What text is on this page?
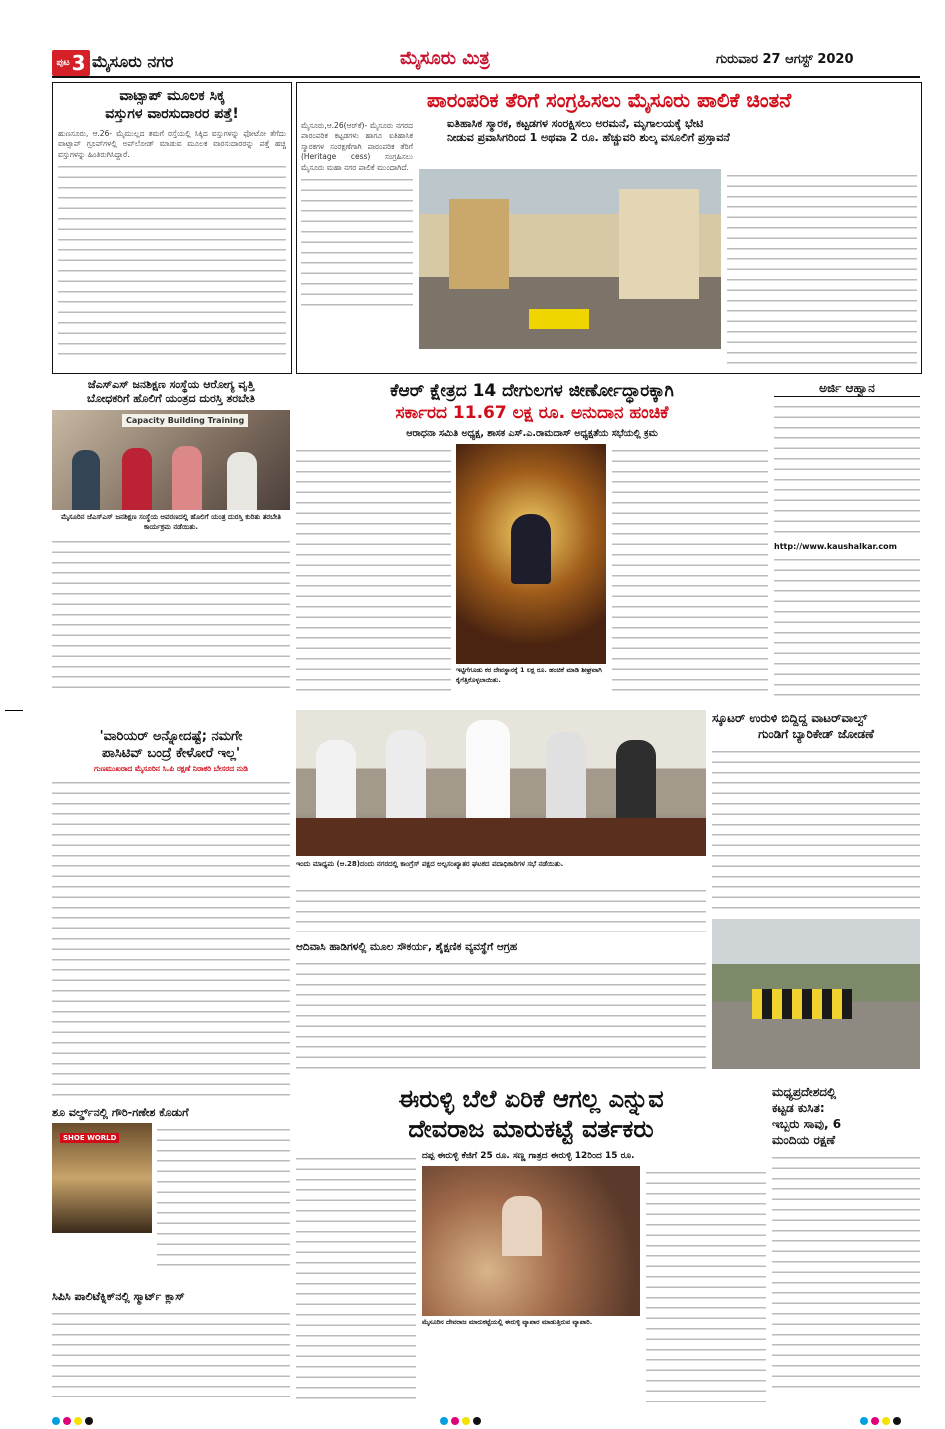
ಪುಟ 3 ಮೈಸೂರು ನಗರ	ಮೈಸೂರು ಮಿತ್ರ	ಗುರುವಾರ 27 ಆಗಸ್ಟ್ 2020
ವಾಟ್ಸಾಪ್ ಮೂಲಕ ಸಿಕ್ಕ
ವಸ್ತುಗಳ ವಾರಸುದಾರರ ಪತ್ತೆ!
ಹುಣಸೂರು, ಆ.26- ಮೈಮುಲ್ಲದ ತಮಗೆ ರಸ್ತೆಯಲ್ಲಿ ಸಿಕ್ಕಿದ ವಸ್ತುಗಳನ್ನು ಫೋಟೋ ತೆಗೆದು ವಾಟ್ಸಾಪ್ ಗ್ರೂಪ್‌ಗಳಲ್ಲಿ ಅಪ್‌ಲೋಡ್ ಮಾಡುವ ಮೂಲಕ ವಾರಸುದಾರರನ್ನು ಪತ್ತೆ ಹಚ್ಚಿ ವಸ್ತುಗಳನ್ನು ಹಿಂತಿರುಗಿಸಿದ್ದಾರೆ.
ಜೆಎಸ್‌ಎಸ್ ಜನಶಿಕ್ಷಣ ಸಂಸ್ಥೆಯ ಆರೋಗ್ಯ ವೃತ್ತಿ
ಬೋಧಕರಿಗೆ ಹೊಲಿಗೆ ಯಂತ್ರದ ದುರಸ್ತಿ ತರಬೇತಿ
Capacity Building Training
ಮೈಸೂರಿನ ಜೆಎಸ್‌ಎಸ್ ಜನಶಿಕ್ಷಣ ಸಂಸ್ಥೆಯ ಆವರಣದಲ್ಲಿ ಹೊಲಿಗೆ ಯಂತ್ರ ದುರಸ್ತಿ ಕುರಿತು ತರಬೇತಿ ಕಾರ್ಯಕ್ರಮ ನಡೆಯಿತು.
'ವಾರಿಯರ್ ಅನ್ನೋದಷ್ಟೆ; ನಮಗೇ
ಪಾಸಿಟಿವ್ ಬಂದ್ರೆ ಕೇಳೋರೆ ಇಲ್ಲ'
ಗುಣಮುಖರಾದ ಮೈಸೂರಿನ ಸಿ.ಪಿ ರಕ್ಷಣೆ ನಿರಾಕರಿ ಬೇಸರದ ನುಡಿ
ಶೂ ವರ್ಲ್ಡ್‌ನಲ್ಲಿ ಗೌರಿ-ಗಣೇಶ ಕೊಡುಗೆ
SHOE WORLD
ಸಿಪಿಸಿ ಪಾಲಿಟೆಕ್ನಿಕ್‌ನಲ್ಲಿ ಸ್ಮಾರ್ಟ್ ಕ್ಲಾಸ್
ಪಾರಂಪರಿಕ ತೆರಿಗೆ ಸಂಗ್ರಹಿಸಲು ಮೈಸೂರು ಪಾಲಿಕೆ ಚಿಂತನೆ
ಐತಿಹಾಸಿಕ ಸ್ಮಾರಕ, ಕಟ್ಟಡಗಳ ಸಂರಕ್ಷಿಸಲು ಅರಮನೆ, ಮೃಗಾಲಯಕ್ಕೆ ಭೇಟಿ
ನೀಡುವ ಪ್ರವಾಸಿಗರಿಂದ 1 ಅಥವಾ 2 ರೂ. ಹೆಚ್ಚುವರಿ ಶುಲ್ಕ ವಸೂಲಿಗೆ ಪ್ರಸ್ತಾವನೆ
ಮೈಸೂರು,ಆ.26(ಆರ್‌ಕೆ)- ಮೈಸೂರು ನಗರದ ಪಾರಂಪರಿಕ ಕಟ್ಟಡಗಳು ಹಾಗೂ ಐತಿಹಾಸಿಕ ಸ್ಮಾರಕಗಳ ಸಂರಕ್ಷಣೆಗಾಗಿ ಪಾರಂಪರಿಕ ತೆರಿಗೆ (Heritage cess) ಸಂಗ್ರಹಿಸಲು ಮೈಸೂರು ಮಹಾ ನಗರ ಪಾಲಿಕೆ ಮುಂದಾಗಿದೆ.
ಕೆಆರ್ ಕ್ಷೇತ್ರದ 14 ದೇಗುಲಗಳ ಜೀರ್ಣೋದ್ಧಾರಕ್ಕಾಗಿ
ಸರ್ಕಾರದ 11.67 ಲಕ್ಷ ರೂ. ಅನುದಾನ ಹಂಚಿಕೆ
ಆರಾಧನಾ ಸಮಿತಿ ಅಧ್ಯಕ್ಷ, ಶಾಸಕ ಎಸ್.ಎ.ರಾಮದಾಸ್ ಅಧ್ಯಕ್ಷತೆಯ ಸಭೆಯಲ್ಲಿ ಕ್ರಮ
ಇಟ್ಟಿಗೆಗೂಡು ಕರ ದೇವಸ್ಥಾನಕ್ಕೆ 1 ಲಕ್ಷ ರೂ. ಹಂಚಿಕೆ ಮಾಡಿ ಶೀಘ್ರವಾಗಿ ಕೈಗೆತ್ತಿಕೊಳ್ಳಲಾಯಿತು.
ಅರ್ಜಿ ಆಹ್ವಾನ
http://www.kaushalkar.com
ಇಂದು ಮಾಧ್ಯಮ (ಆ.28)ದಂದು ನಗರದಲ್ಲಿ ಕಾಂಗ್ರೆಸ್ ಪಕ್ಷದ ಅಲ್ಪಸಂಖ್ಯಾತರ ಘಟಕದ ಪದಾಧಿಕಾರಿಗಳ ಸಭೆ ನಡೆಯಿತು.
ಸ್ಕೂಟರ್ ಉರುಳಿ ಬಿದ್ದಿದ್ದ ವಾಟರ್‌ವಾಲ್ವ್
ಗುಂಡಿಗೆ ಬ್ಯಾರಿಕೇಡ್ ಜೋಡಣೆ
ಆದಿವಾಸಿ ಹಾಡಿಗಳಲ್ಲಿ ಮೂಲ ಸೌಕರ್ಯ, ಶೈಕ್ಷಣಿಕ ವ್ಯವಸ್ಥೆಗೆ ಆಗ್ರಹ
ಈರುಳ್ಳಿ ಬೆಲೆ ಏರಿಕೆ ಆಗಲ್ಲ ಎನ್ನುವ
ದೇವರಾಜ ಮಾರುಕಟ್ಟೆ ವರ್ತಕರು
ದಪ್ಪ ಈರುಳ್ಳಿ ಕೆಜಿಗೆ 25 ರೂ. ಸಣ್ಣ ಗಾತ್ರದ ಈರುಳ್ಳಿ 12ರಿಂದ 15 ರೂ.
ಮೈಸೂರಿನ ದೇವರಾಜ ಮಾರುಕಟ್ಟೆಯಲ್ಲಿ ಈರುಳ್ಳಿ ವ್ಯಾಪಾರ ಮಾಡುತ್ತಿರುವ ವ್ಯಾಪಾರಿ.
ಮಧ್ಯಪ್ರದೇಶದಲ್ಲಿ
ಕಟ್ಟಡ ಕುಸಿತ:
ಇಬ್ಬರು ಸಾವು, 6
ಮಂದಿಯ ರಕ್ಷಣೆ
